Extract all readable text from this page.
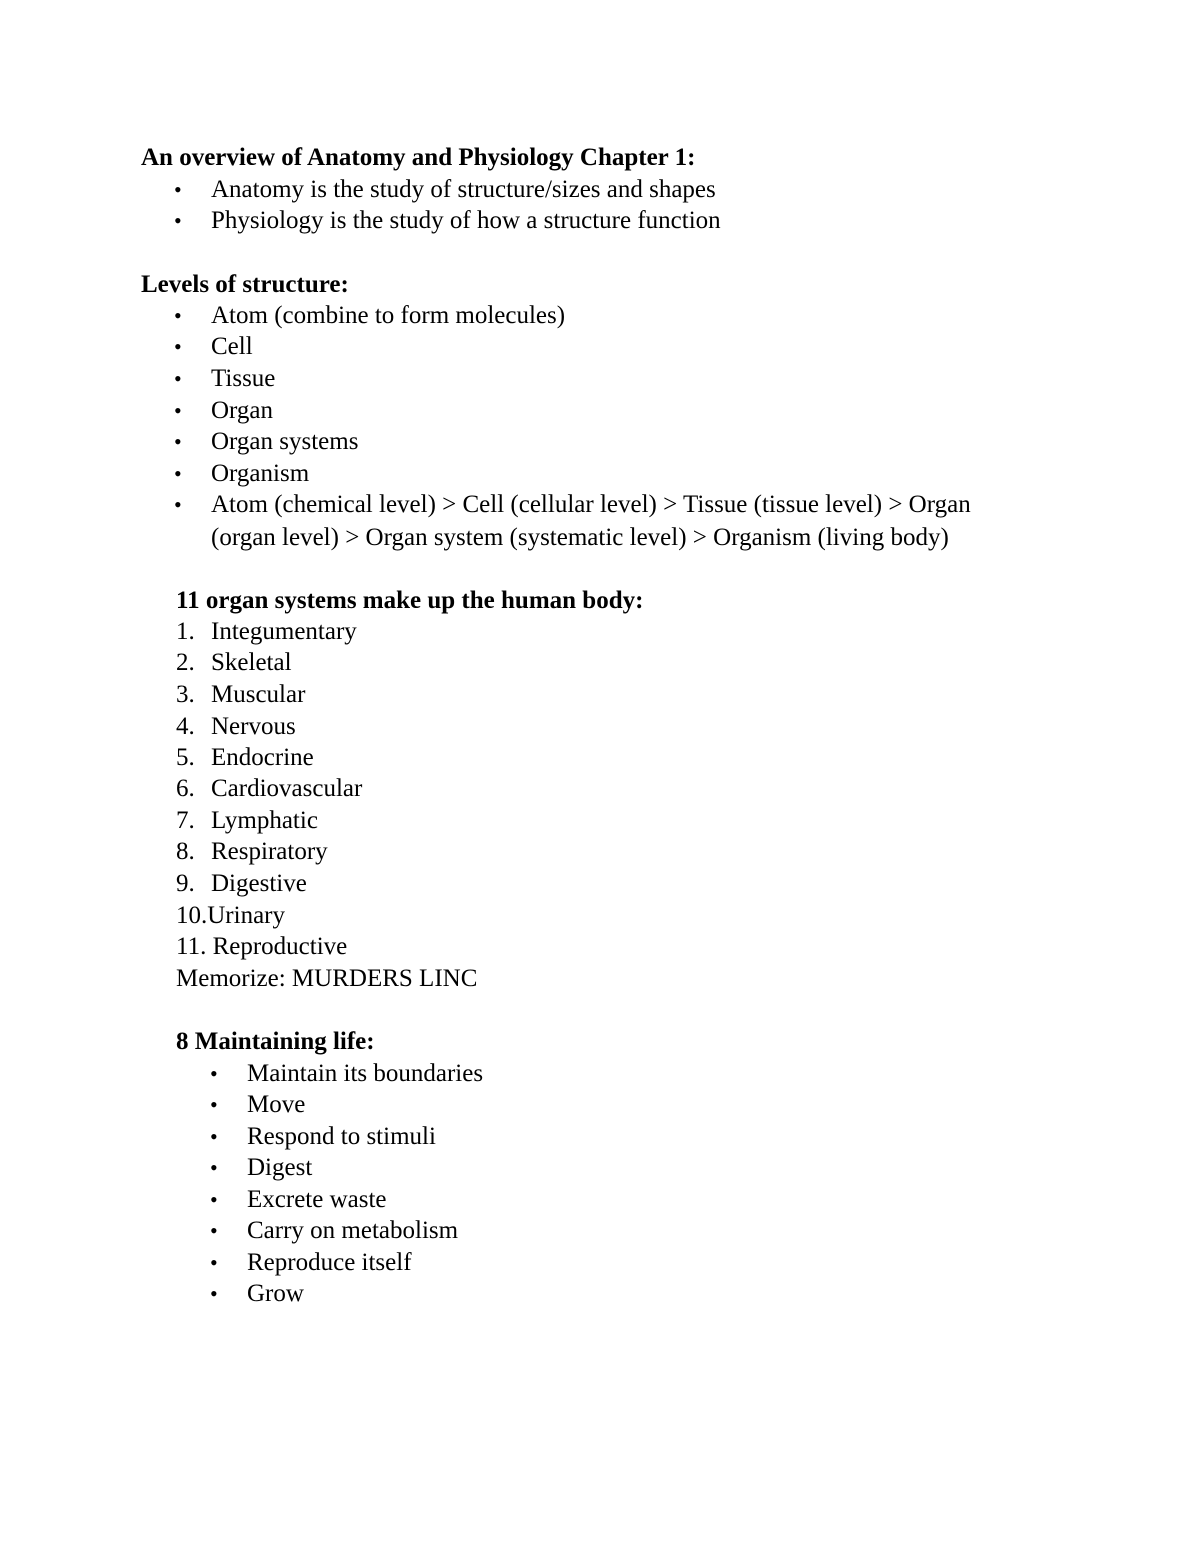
An overview of Anatomy and Physiology Chapter 1:
• Anatomy is the study of structure/sizes and shapes
• Physiology is the study of how a structure function
Levels of structure:
• Atom (combine to form molecules)
• Cell
• Tissue
• Organ
• Organ systems
• Organism
• Atom (chemical level) > Cell (cellular level) > Tissue (tissue level) > Organ
(organ level) > Organ system (systematic level) > Organism (living body)
11 organ systems make up the human body:
1. Integumentary
2. Skeletal
3. Muscular
4. Nervous
5. Endocrine
6. Cardiovascular
7. Lymphatic
8. Respiratory
9. Digestive
10.Urinary
11. Reproductive
Memorize: MURDERS LINC
8 Maintaining life:
• Maintain its boundaries
• Move
• Respond to stimuli
• Digest
• Excrete waste
• Carry on metabolism
• Reproduce itself
• Grow
